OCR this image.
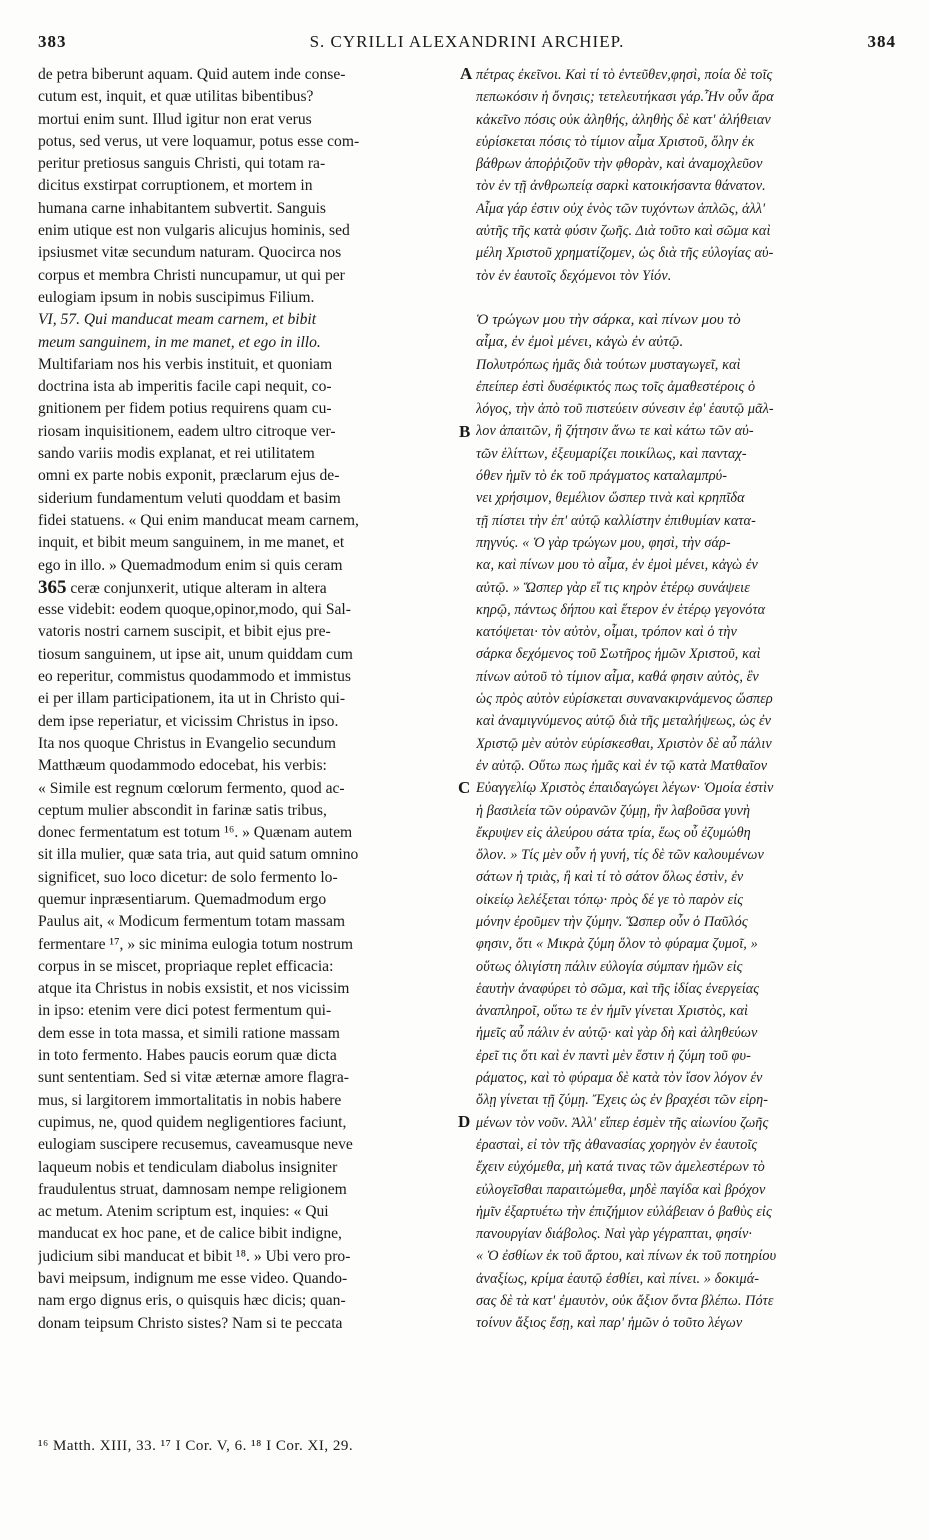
383	S. CYRILLI ALEXANDRINI ARCHIEP.	384
de petra biberunt aquam. Quid autem inde conse-
cutum est, inquit, et quæ utilitas bibentibus?
mortui enim sunt. Illud igitur non erat verus
potus, sed verus, ut vere loquamur, potus esse com-
peritur pretiosus sanguis Christi, qui totam ra-
dicitus exstirpat corruptionem, et mortem in
humana carne inhabitantem subvertit. Sanguis
enim utique est non vulgaris alicujus hominis, sed
ipsiusmet vitæ secundum naturam. Quocirca nos
corpus et membra Christi nuncupamur, ut qui per
eulogiam ipsum in nobis suscipimus Filium.
VI, 57. Qui manducat meam carnem, et bibit
meum sanguinem, in me manet, et ego in illo.
Multifariam nos his verbis instituit, et quoniam
doctrina ista ab imperitis facile capi nequit, co-
gnitionem per fidem potius requirens quam cu-
riosam inquisitionem, eadem ultro citroque ver-
sando variis modis explanat, et rei utilitatem
omni ex parte nobis exponit, præclarum ejus de-
siderium fundamentum veluti quoddam et basim
fidei statuens. « Qui enim manducat meam carnem,
inquit, et bibit meum sanguinem, in me manet, et
ego in illo. » Quemadmodum enim si quis ceram
365 ceræ conjunxerit, utique alteram in altera
esse videbit: eodem quoque,opinor,modo, qui Sal-
vatoris nostri carnem suscipit, et bibit ejus pre-
tiosum sanguinem, ut ipse ait, unum quiddam cum
eo reperitur, commistus quodammodo et immistus
ei per illam participationem, ita ut in Christo qui-
dem ipse reperiatur, et vicissim Christus in ipso.
Ita nos quoque Christus in Evangelio secundum
Matthæum quodammodo edocebat, his verbis:
« Simile est regnum cœlorum fermento, quod ac-
ceptum mulier abscondit in farinæ satis tribus,
donec fermentatum est totum ¹⁶. » Quænam autem
sit illa mulier, quæ sata tria, aut quid satum omnino
significet, suo loco dicetur: de solo fermento lo-
quemur inpræsentiarum. Quemadmodum ergo
Paulus ait, « Modicum fermentum totam massam
fermentare ¹⁷, » sic minima eulogia totum nostrum
corpus in se miscet, propriaque replet efficacia:
atque ita Christus in nobis exsistit, et nos vicissim
in ipso: etenim vere dici potest fermentum qui-
dem esse in tota massa, et simili ratione massam
in toto fermento. Habes paucis eorum quæ dicta
sunt sententiam. Sed si vitæ æternæ amore flagra-
mus, si largitorem immortalitatis in nobis habere
cupimus, ne, quod quidem negligentiores faciunt,
eulogiam suscipere recusemus, caveamusque neve
laqueum nobis et tendiculam diabolus insigniter
fraudulentus struat, damnosam nempe religionem
ac metum. Atenim scriptum est, inquies: « Qui
manducat ex hoc pane, et de calice bibit indigne,
judicium sibi manducat et bibit ¹⁸. » Ubi vero pro-
bavi meipsum, indignum me esse video. Quando-
nam ergo dignus eris, o quisquis hæc dicis; quan-
donam teipsum Christo sistes? Nam si te peccata
πέτρας ἐκεῖνοι. Καὶ τί τὸ ἐντεῦθεν,φησὶ, ποία δὲ τοῖς
πεπωκόσιν ἡ ὄνησις; τετελευτήκασι γάρ.Ἦν οὖν ἄρα
κἀκεῖνο πόσις οὐκ ἀληθής, ἀληθὴς δὲ κατ' ἀλήθειαν
εὑρίσκεται πόσις τὸ τίμιον αἷμα Χριστοῦ, ὅλην ἐκ
βάθρων ἀποῤῥιζοῦν τὴν φθορὰν, καὶ ἀναμοχλεῦον
τὸν ἐν τῇ ἀνθρωπείᾳ σαρκὶ κατοικήσαντα θάνατον.
Αἷμα γάρ ἐστιν οὐχ ἑνὸς τῶν τυχόντων ἁπλῶς, ἀλλ'
αὐτῆς τῆς κατὰ φύσιν ζωῆς. Διὰ τοῦτο καὶ σῶμα καὶ
μέλη Χριστοῦ χρηματίζομεν, ὡς διὰ τῆς εὐλογίας αὐ-
τὸν ἐν ἑαυτοῖς δεχόμενοι τὸν Υἱόν.
Ὁ τρώγων μου τὴν σάρκα, καὶ πίνων μου τὸ
αἷμα, ἐν ἐμοὶ μένει, κἀγὼ ἐν αὐτῷ.
Πολυτρόπως ἡμᾶς διὰ τούτων μυσταγωγεῖ, καὶ
ἐπείπερ ἐστὶ δυσέφικτός πως τοῖς ἀμαθεστέροις ὁ
λόγος, τὴν ἀπὸ τοῦ πιστεύειν σύνεσιν ἐφ' ἑαυτῷ μᾶλ-
λον ἀπαιτῶν, ἢ ζήτησιν ἄνω τε καὶ κάτω τῶν αὐ-
τῶν ἑλίττων, ἐξευμαρίζει ποικίλως, καὶ πανταχ-
όθεν ἡμῖν τὸ ἐκ τοῦ πράγματος καταλαμπρύ-
νει χρήσιμον, θεμέλιον ὥσπερ τινὰ καὶ κρηπῖδα
τῇ πίστει τὴν ἐπ' αὐτῷ καλλίστην ἐπιθυμίαν κατα-
πηγνύς. « Ὁ γὰρ τρώγων μου, φησὶ, τὴν σάρ-
κα, καὶ πίνων μου τὸ αἷμα, ἐν ἐμοὶ μένει, κἀγὼ ἐν
αὐτῷ. » Ὥσπερ γὰρ εἴ τις κηρὸν ἑτέρῳ συνάψειε
κηρῷ, πάντως δήπου καὶ ἕτερον ἐν ἑτέρῳ γεγονότα
κατόψεται· τὸν αὐτὸν, οἶμαι, τρόπον καὶ ὁ τὴν
σάρκα δεχόμενος τοῦ Σωτῆρος ἡμῶν Χριστοῦ, καὶ
πίνων αὐτοῦ τὸ τίμιον αἷμα, καθά φησιν αὐτὸς, ἓν
ὡς πρὸς αὐτὸν εὑρίσκεται συνανακιρνάμενος ὥσπερ
καὶ ἀναμιγνύμενος αὐτῷ διὰ τῆς μεταλήψεως, ὡς ἐν
Χριστῷ μὲν αὐτὸν εὑρίσκεσθαι, Χριστὸν δὲ αὖ πάλιν
ἐν αὐτῷ. Οὕτω πως ἡμᾶς καὶ ἐν τῷ κατὰ Ματθαῖον
Εὐαγγελίῳ Χριστὸς ἐπαιδαγώγει λέγων· Ὁμοία ἐστὶν
ἡ βασιλεία τῶν οὐρανῶν ζύμῃ, ἣν λαβοῦσα γυνὴ
ἔκρυψεν εἰς ἀλεύρου σάτα τρία, ἕως οὗ ἐζυμώθη
ὅλον. » Τίς μὲν οὖν ἡ γυνή, τίς δὲ τῶν καλουμένων
σάτων ἡ τριὰς, ἢ καὶ τί τὸ σάτον ὅλως ἐστὶν, ἐν
οἰκείῳ λελέξεται τόπῳ· πρὸς δέ γε τὸ παρὸν εἰς
μόνην ἐροῦμεν τὴν ζύμην. Ὥσπερ οὖν ὁ Παῦλός
φησιν, ὅτι « Μικρὰ ζύμη ὅλον τὸ φύραμα ζυμοῖ, »
οὕτως ὀλιγίστη πάλιν εὐλογία σύμπαν ἡμῶν εἰς
ἑαυτὴν ἀναφύρει τὸ σῶμα, καὶ τῆς ἰδίας ἐνεργείας
ἀναπληροῖ, οὕτω τε ἐν ἡμῖν γίνεται Χριστὸς, καὶ
ἡμεῖς αὖ πάλιν ἐν αὐτῷ· καὶ γὰρ δὴ καὶ ἀληθεύων
ἐρεῖ τις ὅτι καὶ ἐν παντὶ μὲν ἔστιν ἡ ζύμη τοῦ φυ-
ράματος, καὶ τὸ φύραμα δὲ κατὰ τὸν ἴσον λόγον ἐν
ὅλῃ γίνεται τῇ ζύμῃ. Ἔχεις ὡς ἐν βραχέσι τῶν εἰρη-
μένων τὸν νοῦν. Ἀλλ' εἴπερ ἐσμὲν τῆς αἰωνίου ζωῆς
ἐρασταὶ, εἰ τὸν τῆς ἀθανασίας χορηγὸν ἐν ἑαυτοῖς
ἔχειν εὐχόμεθα, μὴ κατά τινας τῶν ἀμελεστέρων τὸ
εὐλογεῖσθαι παραιτώμεθα, μηδὲ παγίδα καὶ βρόχον
ἡμῖν ἐξαρτυέτω τὴν ἐπιζήμιον εὐλάβειαν ὁ βαθὺς εἰς
πανουργίαν διάβολος. Ναὶ γὰρ γέγραπται, φησίν·
« Ὁ ἐσθίων ἐκ τοῦ ἄρτου, καὶ πίνων ἐκ τοῦ ποτηρίου
ἀναξίως, κρίμα ἑαυτῷ ἐσθίει, καὶ πίνει. » δοκιμά-
σας δὲ τὰ κατ' ἐμαυτὸν, οὐκ ἄξιον ὄντα βλέπω. Πότε
τοίνυν ἄξιος ἔσῃ, καὶ παρ' ἡμῶν ὁ τοῦτο λέγων
A
B
C
D
¹⁶ Matth. XIII, 33. ¹⁷ I Cor. V, 6. ¹⁸ I Cor. XI, 29.
